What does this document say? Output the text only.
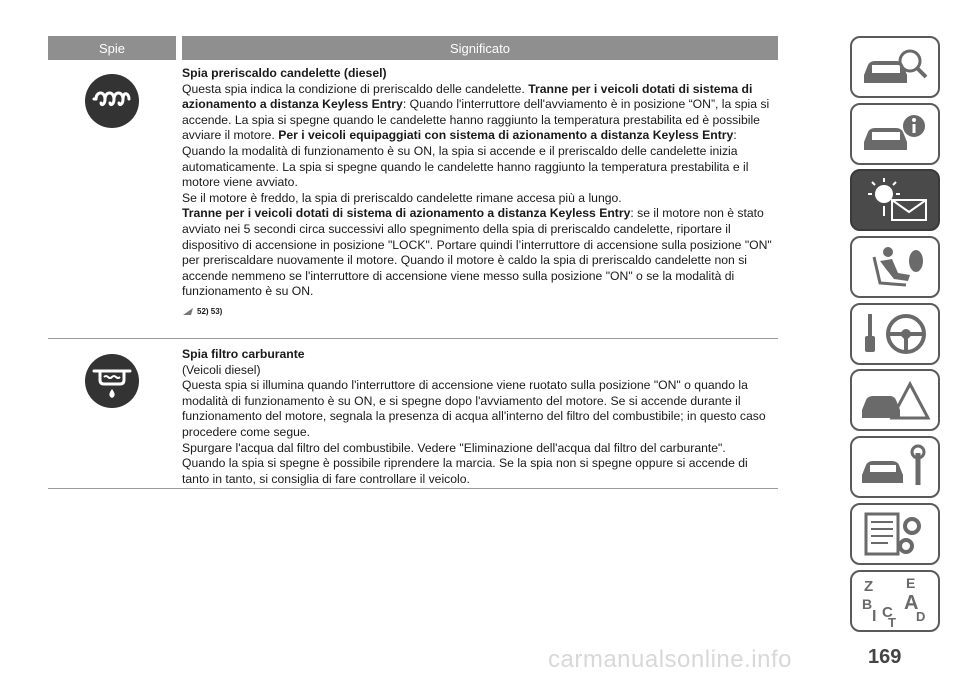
Spie	Significato
Spia preriscaldo candelette (diesel)
Questa spia indica la condizione di preriscaldo delle candelette. Tranne per i veicoli dotati di sistema di azionamento a distanza Keyless Entry: Quando l'interruttore dell'avviamento è in posizione “ON”, la spia si accende. La spia si spegne quando le candelette hanno raggiunto la temperatura prestabilita ed è possibile avviare il motore. Per i veicoli equipaggiati con sistema di azionamento a distanza Keyless Entry: Quando la modalità di funzionamento è su ON, la spia si accende e il preriscaldo delle candelette inizia automaticamente. La spia si spegne quando le candelette hanno raggiunto la temperatura prestabilita e il motore viene avviato.
Se il motore è freddo, la spia di preriscaldo candelette rimane accesa più a lungo.
Tranne per i veicoli dotati di sistema di azionamento a distanza Keyless Entry: se il motore non è stato avviato nei 5 secondi circa successivi allo spegnimento della spia di preriscaldo candelette, riportare il dispositivo di accensione in posizione "LOCK". Portare quindi l’interruttore di accensione sulla posizione "ON" per preriscaldare nuovamente il motore. Quando il motore è caldo la spia di preriscaldo candelette non si accende nemmeno se l'interruttore di accensione viene messo sulla posizione "ON" o se la modalità di funzionamento è su ON.
52) 53)
Spia filtro carburante
(Veicoli diesel)
Questa spia si illumina quando l'interruttore di accensione viene ruotato sulla posizione "ON" o quando la modalità di funzionamento è su ON, e si spegne dopo l'avviamento del motore. Se si accende durante il funzionamento del motore, segnala la presenza di acqua all'interno del filtro del combustibile; in questo caso procedere come segue.
Spurgare l'acqua dal filtro del combustibile. Vedere "Eliminazione dell'acqua dal filtro del carburante".
Quando la spia si spegne è possibile riprendere la marcia. Se la spia non si spegne oppure si accende di tanto in tanto, si consiglia di fare controllare il veicolo.
Z E
B A
I C D
T
carmanualsonline.info	169
